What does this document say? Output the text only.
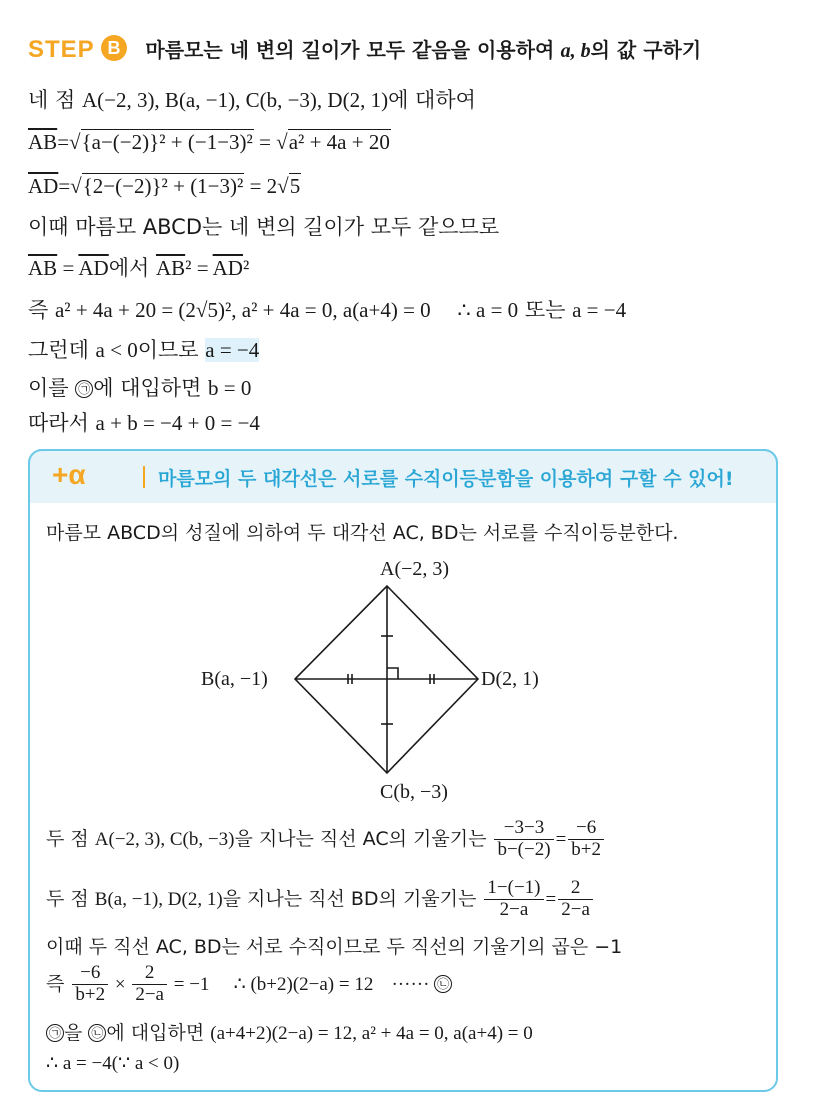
STEP B 마름모는 네 변의 길이가 모두 같음을 이용하여 a, b의 값 구하기
네 점 A(−2, 3), B(a, −1), C(b, −3), D(2, 1)에 대하여
$\overline{AB}=√\{a-(-2)\}^2 + (-1-3)^2 = √a^2 + 4a + 20$
$\overline{AD}=√\{2-(-2)\}^2 + (1-3)^2 = 2√5$
이때 마름모 ABCD는 네 변의 길이가 모두 같으므로
$\overline{AB} = \overline{AD}$에서 $\overline{AB}^2 = \overline{AD}^2$
즉 a² + 4a + 20 = (2√5)², a² + 4a = 0, a(a+4) = 0 ∴ a = 0 또는 a = −4
그런데 a < 0이므로 a = −4
이를 ㉠ 에 대입하면 b = 0
따라서 a + b = −4 + 0 = −4
+α	마름모의 두 대각선은 서로를 수직이등분함을 이용하여 구할 수 있어!
마름모 ABCD의 성질에 의하여 두 대각선 AC, BD는 서로를 수직이등분한다.
A(−2, 3)
B(a, −1)	D(2, 1)
C(b, −3)
두 점 A(−2, 3), C(b, −3)을 지나는 직선 AC의 기울기는 $\frac{-3-3}{b-(-2)} = \frac{-6}{b+2}$
두 점 B(a, −1), D(2, 1)을 지나는 직선 BD의 기울기는 $\frac{1-(-1)}{2-a} = \frac{2}{2-a}$
이때 두 직선 AC, BD는 서로 수직이므로 두 직선의 기울기의 곱은 −1
즉 $\frac{-6}{b+2} \times \frac{2}{2-a} = -1$ ∴ (b+2)(2−a) = 12 ······ ㉡
㉠ 을 ㉡ 에 대입하면 (a+4+2)(2−a) = 12, a² + 4a = 0, a(a+4) = 0
∴ a = −4(∵ a < 0)
